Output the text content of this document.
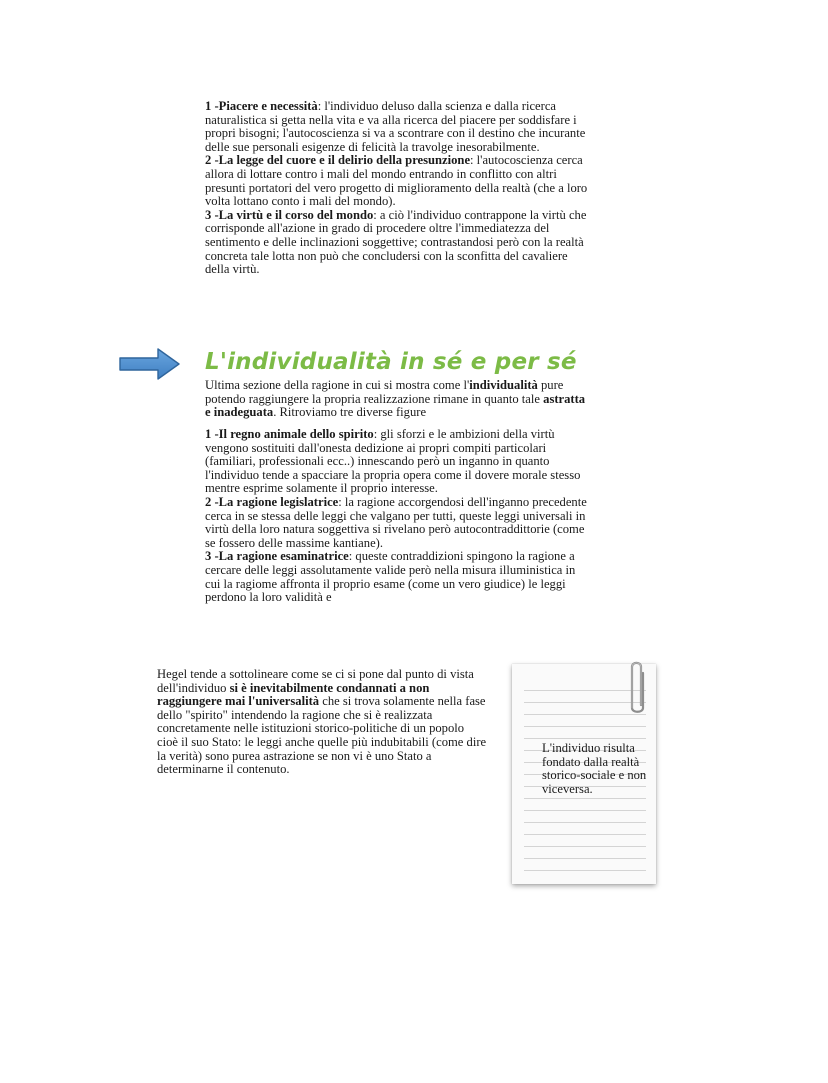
1 -Piacere e necessità: l'individuo deluso dalla scienza e dalla ricerca naturalistica si getta nella vita e va alla ricerca del piacere per soddisfare i propri bisogni; l'autocoscienza si va a scontrare con il destino che incurante delle sue personali esigenze di felicità la travolge inesorabilmente.

2 -La legge del cuore e il delirio della presunzione: l'autocoscienza cerca allora di lottare contro i mali del mondo entrando in conflitto con altri presunti portatori del vero progetto di miglioramento della realtà (che a loro volta lottano conto i mali del mondo).

3 -La virtù e il corso del mondo: a ciò l'individuo contrappone la virtù che corrisponde all'azione in grado di procedere oltre l'immediatezza del sentimento e delle inclinazioni soggettive; contrastandosi però con la realtà concreta tale lotta non può che concludersi con la sconfitta del cavaliere della virtù.

L'individualità in sé e per sé

Ultima sezione della ragione in cui si mostra come l'individualità pure potendo raggiungere la propria realizzazione rimane in quanto tale astratta e inadeguata. Ritroviamo tre diverse figure

1 -Il regno animale dello spirito: gli sforzi e le ambizioni della virtù vengono sostituiti dall'onesta dedizione ai propri compiti particolari (familiari, professionali ecc..) innescando però un inganno in quanto l'individuo tende a spacciare la propria opera come il dovere morale stesso mentre esprime solamente il proprio interesse.

2 -La ragione legislatrice: la ragione accorgendosi dell'inganno precedente cerca in se stessa delle leggi che valgano per tutti, queste leggi universali in virtù della loro natura soggettiva si rivelano però autocontraddittorie (come se fossero delle massime kantiane).

3 -La ragione esaminatrice: queste contraddizioni spingono la ragione a cercare delle leggi assolutamente valide però nella misura illuministica in cui la ragiome affronta il proprio esame (come un vero giudice) le leggi perdono la loro validità e

Hegel tende a sottolineare come se ci si pone dal punto di vista dell'individuo si è inevitabilmente condannati a non raggiungere mai l'universalità che si trova solamente nella fase dello "spirito" intendendo la ragione che si è realizzata concretamente nelle istituzioni storico-politiche di un popolo cioè il suo Stato: le leggi anche quelle più indubitabili (come dire la verità) sono purea astrazione se non vi è uno Stato a determinarne il contenuto.

L'individuo risulta fondato dalla realtà storico-sociale e non viceversa.
